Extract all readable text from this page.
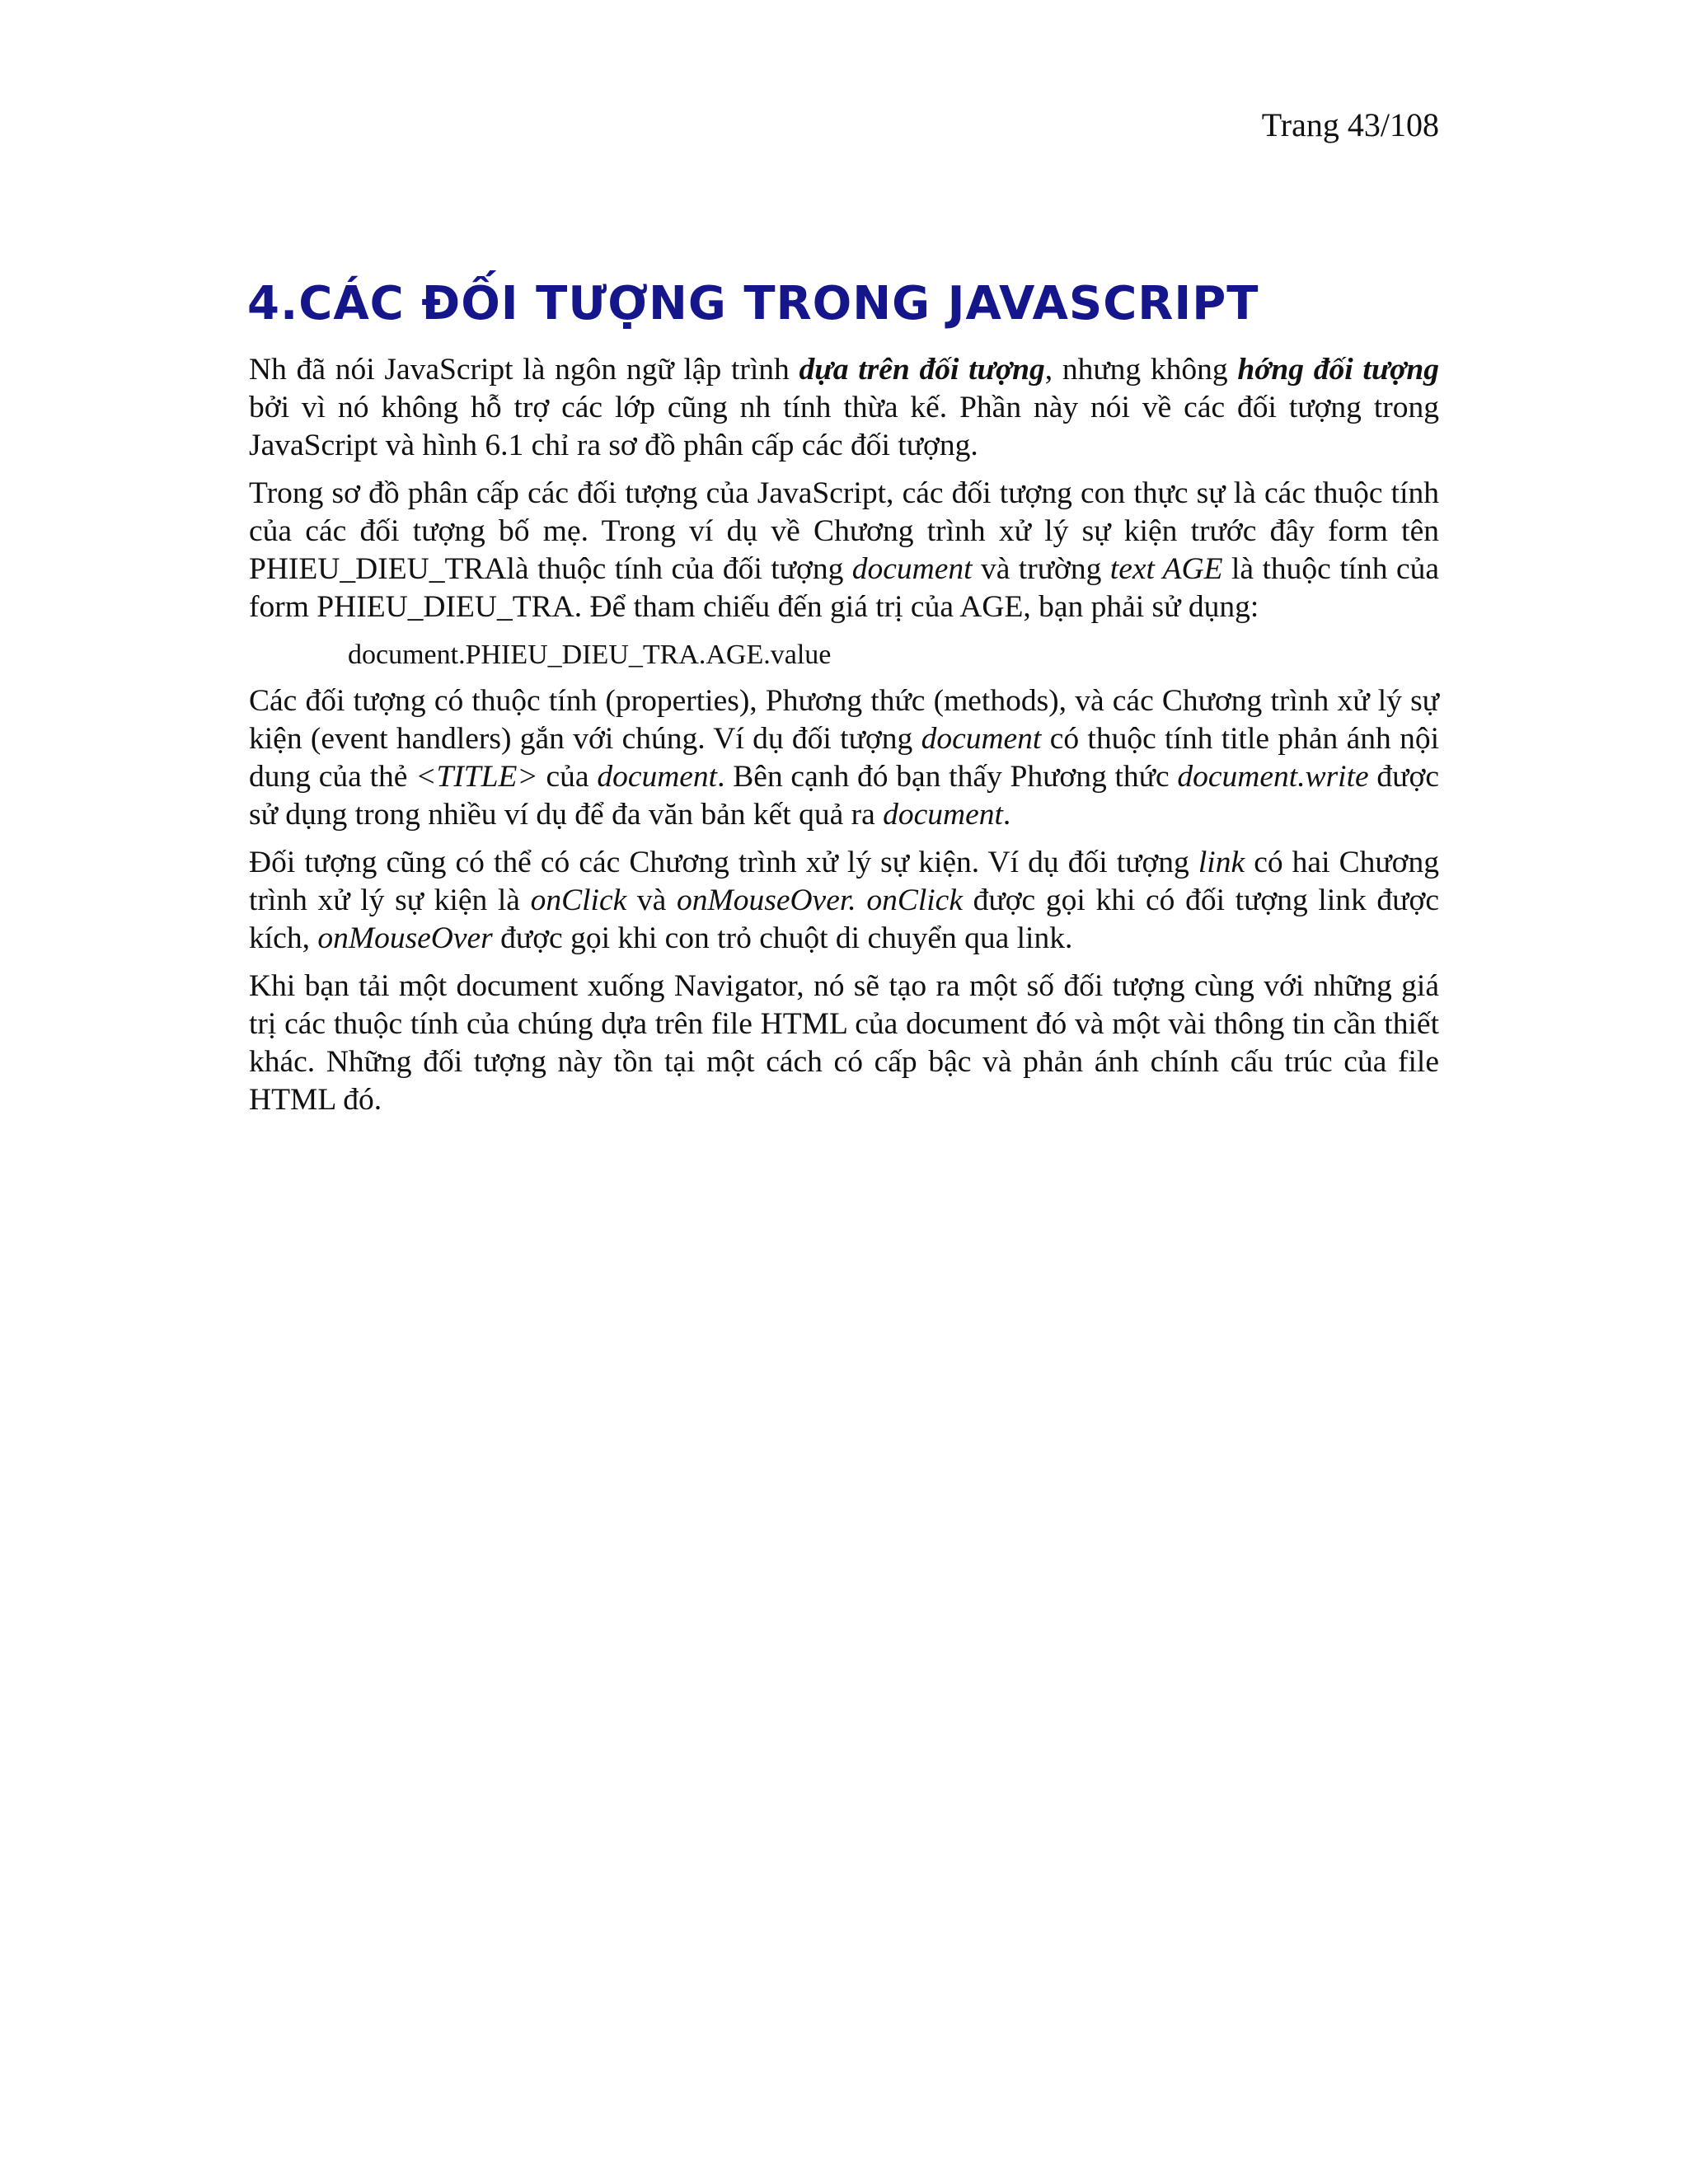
Trang 43/108
4.CÁC ĐỐI TƯỢNG TRONG JAVASCRIPT

Nh đã nói JavaScript là ngôn ngữ lập trình dựa trên đối tượng, nhưng không hớng đối tượng bởi vì nó không hỗ trợ các lớp cũng nh tính thừa kế. Phần này nói về các đối tượng trong JavaScript và hình 6.1 chỉ ra sơ đồ phân cấp các đối tượng.

Trong sơ đồ phân cấp các đối tượng của JavaScript, các đối tượng con thực sự là các thuộc tính của các đối tượng bố mẹ. Trong ví dụ về Chương trình xử lý sự kiện trước đây form tên PHIEU_DIEU_TRAlà thuộc tính của đối tượng document và trường text AGE là thuộc tính của form PHIEU_DIEU_TRA. Để tham chiếu đến giá trị của AGE, bạn phải sử dụng:

document.PHIEU_DIEU_TRA.AGE.value

Các đối tượng có thuộc tính (properties), Phương thức (methods), và các Chương trình xử lý sự kiện (event handlers) gắn với chúng. Ví dụ đối tượng document có thuộc tính title phản ánh nội dung của thẻ <TITLE> của document. Bên cạnh đó bạn thấy Phương thức document.write được sử dụng trong nhiều ví dụ để đa văn bản kết quả ra document.

Đối tượng cũng có thể có các Chương trình xử lý sự kiện. Ví dụ đối tượng link có hai Chương trình xử lý sự kiện là onClick và onMouseOver. onClick được gọi khi có đối tượng link được kích, onMouseOver được gọi khi con trỏ chuột di chuyển qua link.

Khi bạn tải một document xuống Navigator, nó sẽ tạo ra một số đối tượng cùng với những giá trị các thuộc tính của chúng dựa trên file HTML của document đó và một vài thông tin cần thiết khác. Những đối tượng này tồn tại một cách có cấp bậc và phản ánh chính cấu trúc của file HTML đó.
